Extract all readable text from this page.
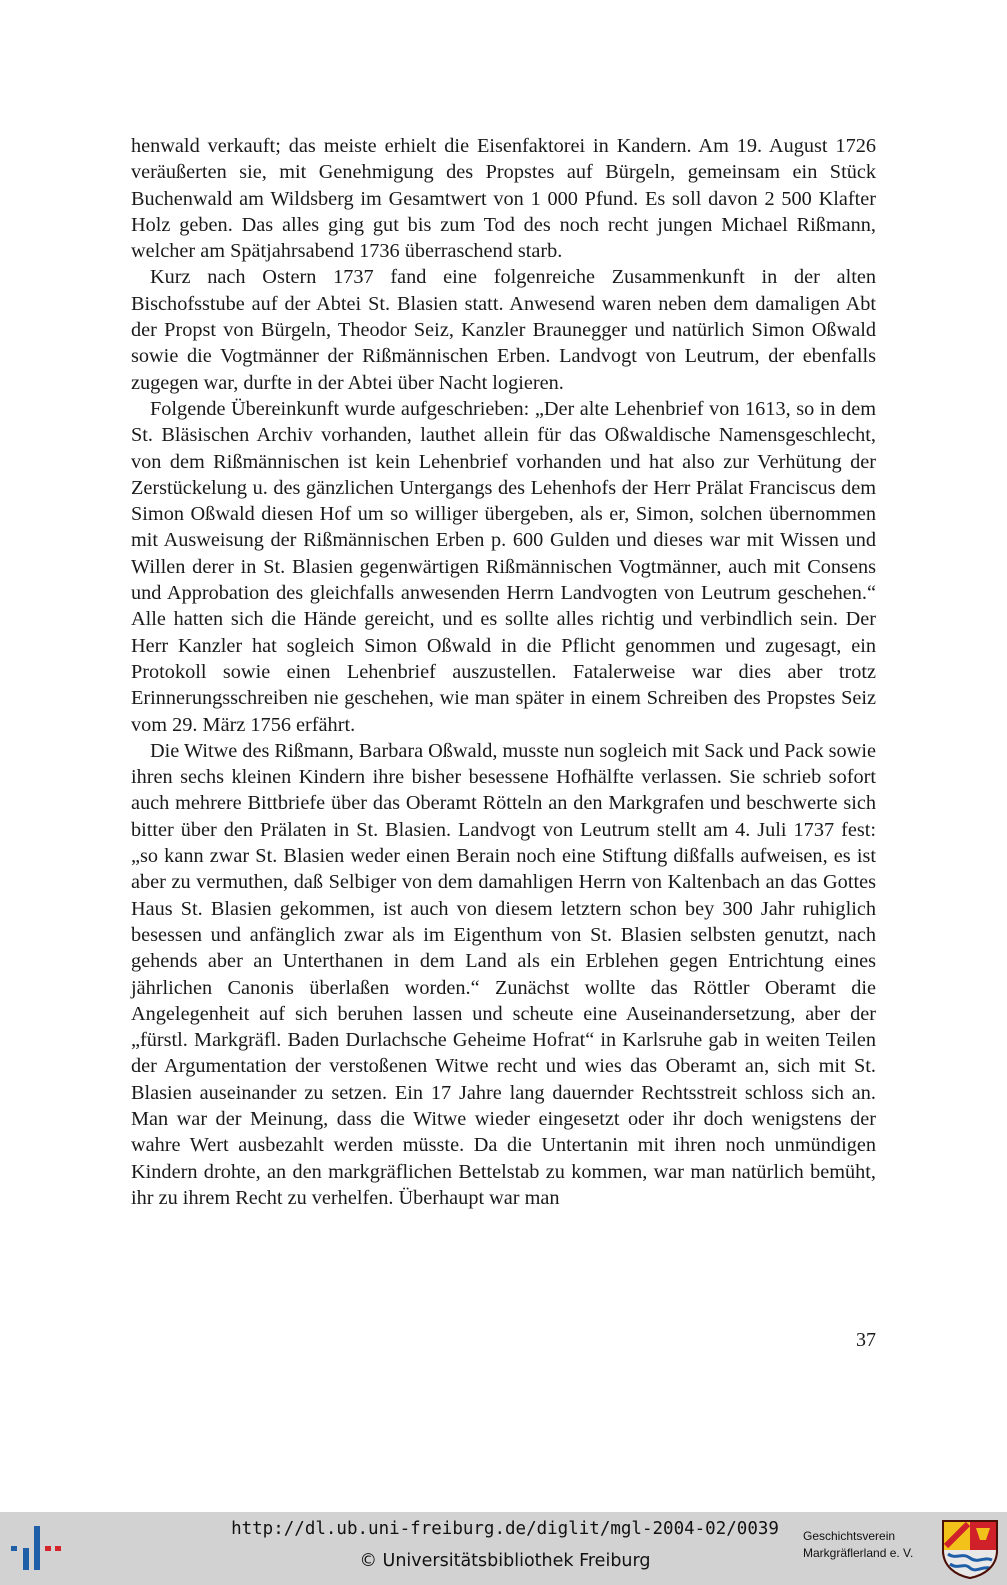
henwald verkauft; das meiste erhielt die Eisenfaktorei in Kandern. Am 19. August 1726 veräußerten sie, mit Genehmigung des Propstes auf Bürgeln, gemeinsam ein Stück Buchenwald am Wildsberg im Gesamtwert von 1 000 Pfund. Es soll davon 2 500 Klafter Holz geben. Das alles ging gut bis zum Tod des noch recht jungen Michael Rißmann, welcher am Spätjahrsabend 1736 überraschend starb.

Kurz nach Ostern 1737 fand eine folgenreiche Zusammenkunft in der alten Bischofsstube auf der Abtei St. Blasien statt. Anwesend waren neben dem damaligen Abt der Propst von Bürgeln, Theodor Seiz, Kanzler Braunegger und natürlich Simon Oßwald sowie die Vogtmänner der Rißmännischen Erben. Landvogt von Leutrum, der ebenfalls zugegen war, durfte in der Abtei über Nacht logieren.

Folgende Übereinkunft wurde aufgeschrieben: „Der alte Lehenbrief von 1613, so in dem St. Bläsischen Archiv vorhanden, lauthet allein für das Oßwaldische Namensgeschlecht, von dem Rißmännischen ist kein Lehenbrief vorhanden und hat also zur Verhütung der Zerstückelung u. des gänzlichen Untergangs des Lehenhofs der Herr Prälat Franciscus dem Simon Oßwald diesen Hof um so williger übergeben, als er, Simon, solchen übernommen mit Ausweisung der Rißmännischen Erben p. 600 Gulden und dieses war mit Wissen und Willen derer in St. Blasien gegenwärtigen Rißmännischen Vogtmänner, auch mit Consens und Approbation des gleichfalls anwesenden Herrn Landvogten von Leutrum geschehen.“ Alle hatten sich die Hände gereicht, und es sollte alles richtig und verbindlich sein. Der Herr Kanzler hat sogleich Simon Oßwald in die Pflicht genommen und zugesagt, ein Protokoll sowie einen Lehenbrief auszustellen. Fatalerweise war dies aber trotz Erinnerungsschreiben nie geschehen, wie man später in einem Schreiben des Propstes Seiz vom 29. März 1756 erfährt.

Die Witwe des Rißmann, Barbara Oßwald, musste nun sogleich mit Sack und Pack sowie ihren sechs kleinen Kindern ihre bisher besessene Hofhälfte verlassen. Sie schrieb sofort auch mehrere Bittbriefe über das Oberamt Rötteln an den Markgrafen und beschwerte sich bitter über den Prälaten in St. Blasien. Landvogt von Leutrum stellt am 4. Juli 1737 fest: „so kann zwar St. Blasien weder einen Berain noch eine Stiftung dißfalls aufweisen, es ist aber zu vermuthen, daß Selbiger von dem damahligen Herrn von Kaltenbach an das Gottes Haus St. Blasien gekommen, ist auch von diesem letztern schon bey 300 Jahr ruhiglich besessen und anfänglich zwar als im Eigenthum von St. Blasien selbsten genutzt, nach gehends aber an Unterthanen in dem Land als ein Erblehen gegen Entrichtung eines jährlichen Canonis überlaßen worden.“ Zunächst wollte das Röttler Oberamt die Angelegenheit auf sich beruhen lassen und scheute eine Auseinandersetzung, aber der „fürstl. Markgräfl. Baden Durlachsche Geheime Hofrat“ in Karlsruhe gab in weiten Teilen der Argumentation der verstoßenen Witwe recht und wies das Oberamt an, sich mit St. Blasien auseinander zu setzen. Ein 17 Jahre lang dauernder Rechtsstreit schloss sich an. Man war der Meinung, dass die Witwe wieder eingesetzt oder ihr doch wenigstens der wahre Wert ausbezahlt werden müsste. Da die Untertanin mit ihren noch unmündigen Kindern drohte, an den markgräflichen Bettelstab zu kommen, war man natürlich bemüht, ihr zu ihrem Recht zu verhelfen. Überhaupt war man

37
http://dl.ub.uni-freiburg.de/diglit/mgl-2004-02/0039
© Universitätsbibliothek Freiburg
Geschichtsverein
Markgräflerland e. V.
